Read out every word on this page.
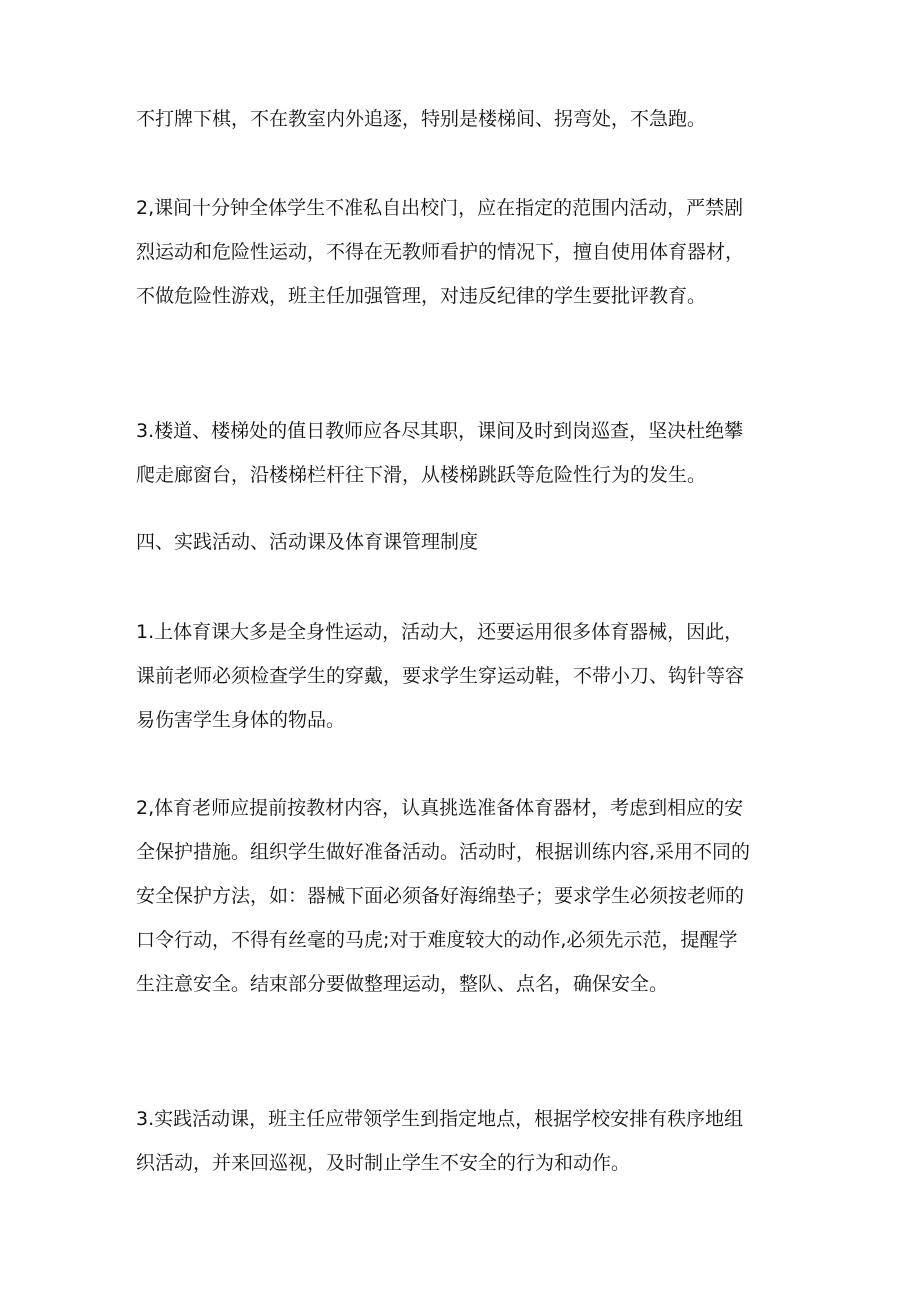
不打牌下棋，不在教室内外追逐，特别是楼梯间、拐弯处，不急跑。

2,课间十分钟全体学生不准私自出校门，应在指定的范围内活动，严禁剧
烈运动和危险性运动，不得在无教师看护的情况下，擅自使用体育器材，
不做危险性游戏，班主任加强管理，对违反纪律的学生要批评教育。

3.楼道、楼梯处的值日教师应各尽其职，课间及时到岗巡查，坚决杜绝攀
爬走廊窗台，沿楼梯栏杆往下滑，从楼梯跳跃等危险性行为的发生。

四、实践活动、活动课及体育课管理制度

1.上体育课大多是全身性运动，活动大，还要运用很多体育器械，因此，
课前老师必须检查学生的穿戴，要求学生穿运动鞋，不带小刀、钩针等容
易伤害学生身体的物品。

2,体育老师应提前按教材内容，认真挑选准备体育器材，考虑到相应的安
全保护措施。组织学生做好准备活动。活动时，根据训练内容,采用不同的
安全保护方法，如：器械下面必须备好海绵垫子；要求学生必须按老师的
口令行动，不得有丝毫的马虎;对于难度较大的动作,必须先示范，提醒学
生注意安全。结束部分要做整理运动，整队、点名，确保安全。

3.实践活动课，班主任应带领学生到指定地点，根据学校安排有秩序地组
织活动，并来回巡视，及时制止学生不安全的行为和动作。
